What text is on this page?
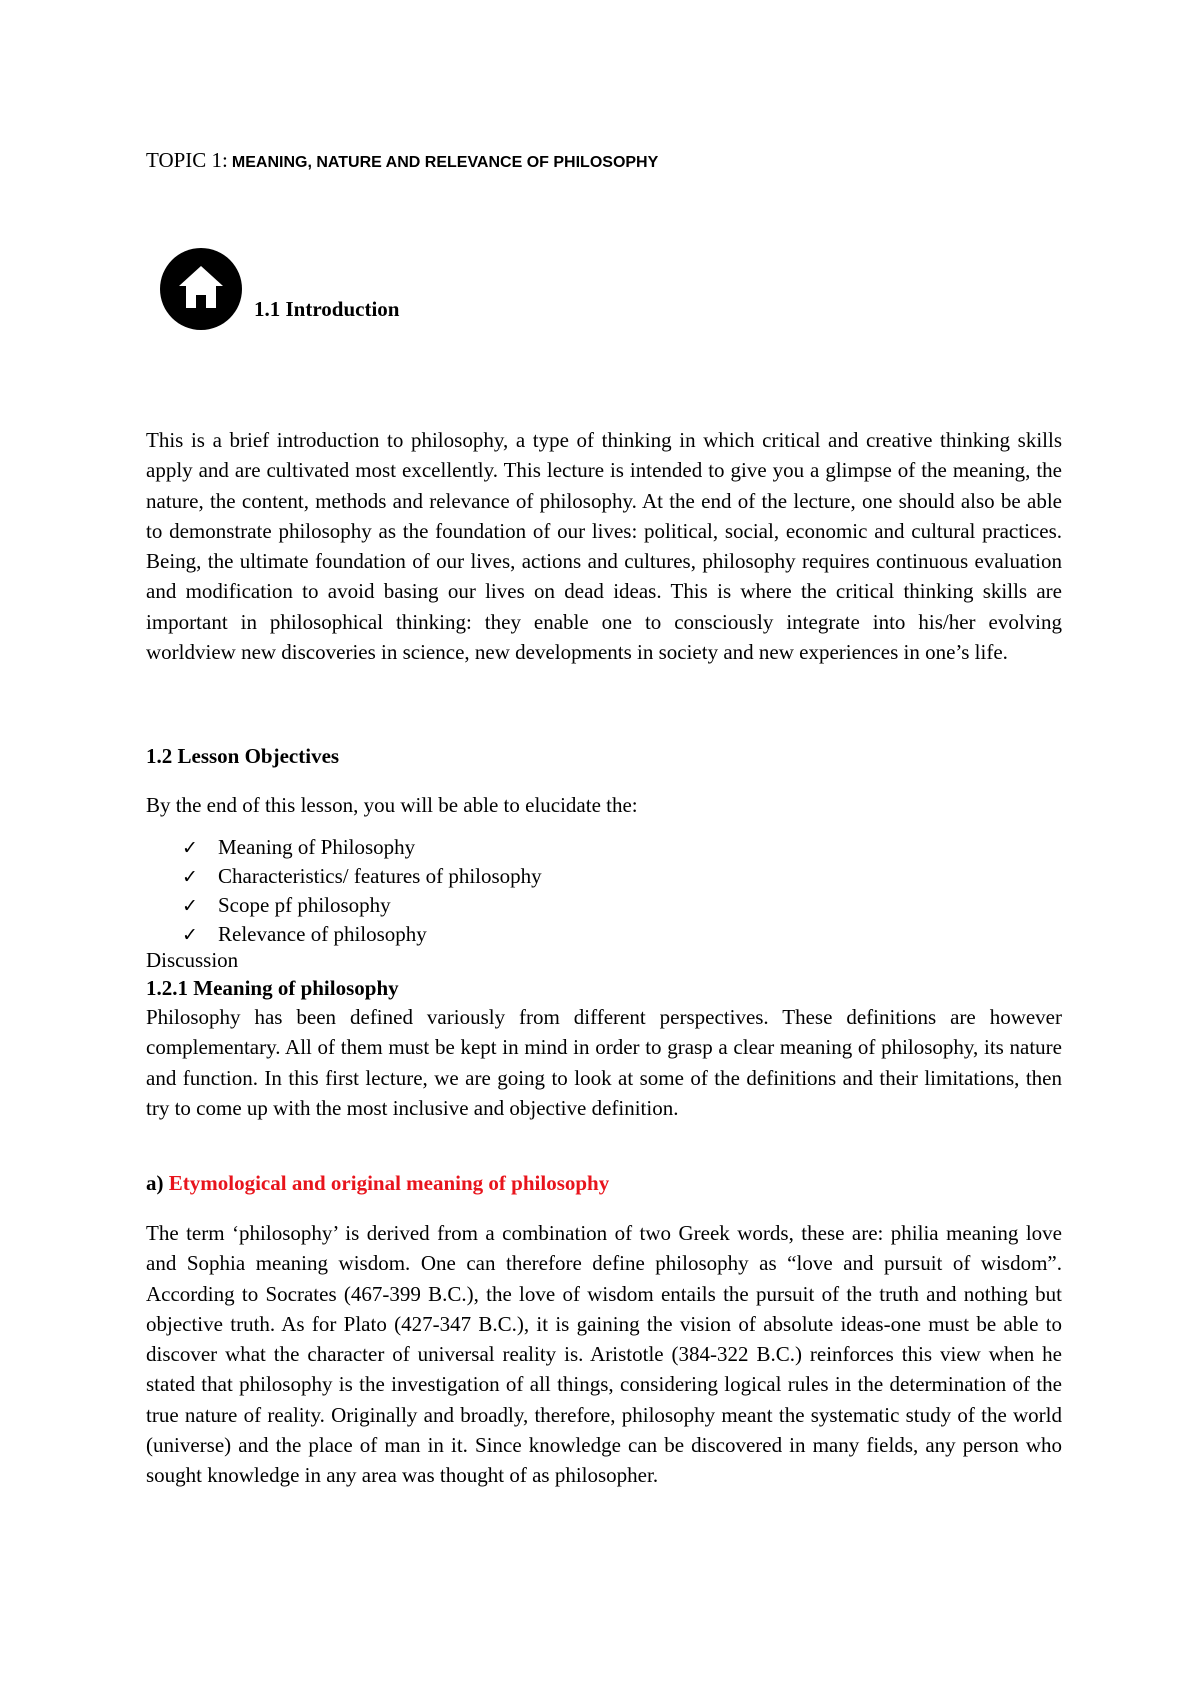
TOPIC 1: MEANING, NATURE AND RELEVANCE OF PHILOSOPHY
1.1 Introduction

This is a brief introduction to philosophy, a type of thinking in which critical and creative thinking skills apply and are cultivated most excellently. This lecture is intended to give you a glimpse of the meaning, the nature, the content, methods and relevance of philosophy. At the end of the lecture, one should also be able to demonstrate philosophy as the foundation of our lives: political, social, economic and cultural practices. Being, the ultimate foundation of our lives, actions and cultures, philosophy requires continuous evaluation and modification to avoid basing our lives on dead ideas. This is where the critical thinking skills are important in philosophical thinking: they enable one to consciously integrate into his/her evolving worldview new discoveries in science, new developments in society and new experiences in one’s life.

1.2 Lesson Objectives
By the end of this lesson, you will be able to elucidate the:
✓ Meaning of Philosophy
✓ Characteristics/ features of philosophy
✓ Scope pf philosophy
✓ Relevance of philosophy
Discussion
1.2.1 Meaning of philosophy

Philosophy has been defined variously from different perspectives. These definitions are however complementary. All of them must be kept in mind in order to grasp a clear meaning of philosophy, its nature and function. In this first lecture, we are going to look at some of the definitions and their limitations, then try to come up with the most inclusive and objective definition.

a) Etymological and original meaning of philosophy

The term ‘philosophy’ is derived from a combination of two Greek words, these are: philia meaning love and Sophia meaning wisdom. One can therefore define philosophy as “love and pursuit of wisdom”. According to Socrates (467-399 B.C.), the love of wisdom entails the pursuit of the truth and nothing but objective truth. As for Plato (427-347 B.C.), it is gaining the vision of absolute ideas-one must be able to discover what the character of universal reality is. Aristotle (384-322 B.C.) reinforces this view when he stated that philosophy is the investigation of all things, considering logical rules in the determination of the true nature of reality. Originally and broadly, therefore, philosophy meant the systematic study of the world (universe) and the place of man in it. Since knowledge can be discovered in many fields, any person who sought knowledge in any area was thought of as philosopher.
